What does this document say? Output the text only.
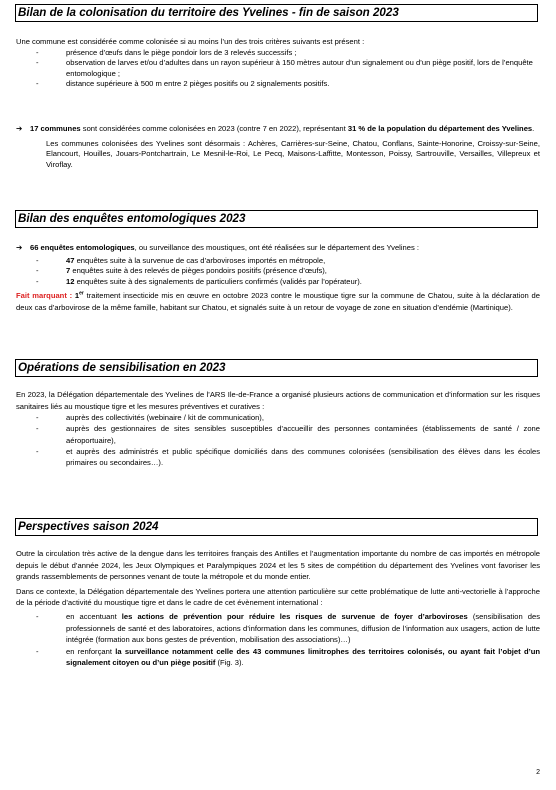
Bilan de la colonisation du territoire des Yvelines - fin de saison 2023

Une commune est considérée comme colonisée si au moins l’un des trois critères suivants est présent :

-	présence d’œufs dans le piège pondoir lors de 3 relevés successifs ;
-	observation de larves et/ou d’adultes dans un rayon supérieur à 150 mètres autour d’un signalement ou d’un piège positif, lors de l’enquête entomologique ;
-	distance supérieure à 500 m entre 2 pièges positifs ou 2 signalements positifs.
➔ 17 communes sont considérées comme colonisées en 2023 (contre 7 en 2022), représentant 31 % de la population du département des Yvelines.

Les communes colonisées des Yvelines sont désormais : Achères, Carrières-sur-Seine, Chatou, Conflans, Sainte-Honorine, Croissy-sur-Seine, Elancourt, Houilles, Jouars-Pontchartrain, Le Mesnil-le-Roi, Le Pecq, Maisons-Laffitte, Montesson, Poissy, Sartrouville, Versailles, Villepreux et Viroflay.

Bilan des enquêtes entomologiques 2023
➔ 66 enquêtes entomologiques, ou surveillance des moustiques, ont été réalisées sur le département des Yvelines :
-	47 enquêtes suite à la survenue de cas d’arboviroses importés en métropole,
-	7 enquêtes suite à des relevés de pièges pondoirs positifs (présence d’œufs),
-	12 enquêtes suite à des signalements de particuliers confirmés (validés par l’opérateur).

Fait marquant : 1er traitement insecticide mis en œuvre en octobre 2023 contre le moustique tigre sur la commune de Chatou, suite à la déclaration de deux cas d’arbovirose de la même famille, habitant sur Chatou, et signalés suite à un retour de voyage de zone en situation d’endémie (Martinique).

Opérations de sensibilisation en 2023

En 2023, la Délégation départementale des Yvelines de l’ARS Ile-de-France a organisé plusieurs actions de communication et d’information sur les risques sanitaires liés au moustique tigre et les mesures préventives et curatives :

-	auprès des collectivités (webinaire / kit de communication),
-	auprès des gestionnaires de sites sensibles susceptibles d’accueillir des personnes contaminées (établissements de santé / zone aéroportuaire),
-	et auprès des administrés et public spécifique domiciliés dans des communes colonisées (sensibilisation des élèves dans les écoles primaires ou secondaires…).
Perspectives saison 2024

Outre la circulation très active de la dengue dans les territoires français des Antilles et l’augmentation importante du nombre de cas importés en métropole depuis le début d’année 2024, les Jeux Olympiques et Paralympiques 2024 et les 5 sites de compétition du département des Yvelines vont favoriser les grands rassemblements de personnes venant de toute la métropole et du monde entier.

Dans ce contexte, la Délégation départementale des Yvelines portera une attention particulière sur cette problématique de lutte anti-vectorielle à l’approche de la période d’activité du moustique tigre et dans le cadre de cet évènement international :

-	en accentuant les actions de prévention pour réduire les risques de survenue de foyer d’arboviroses (sensibilisation des professionnels de santé et des laboratoires, actions d’information dans les communes, diffusion de l’information aux usagers, action de lutte intégrée (formation aux bons gestes de prévention, mobilisation des associations)…)
-	en renforçant la surveillance notamment celle des 43 communes limitrophes des territoires colonisés, ou ayant fait l’objet d’un signalement citoyen ou d’un piège positif (Fig. 3).
2
